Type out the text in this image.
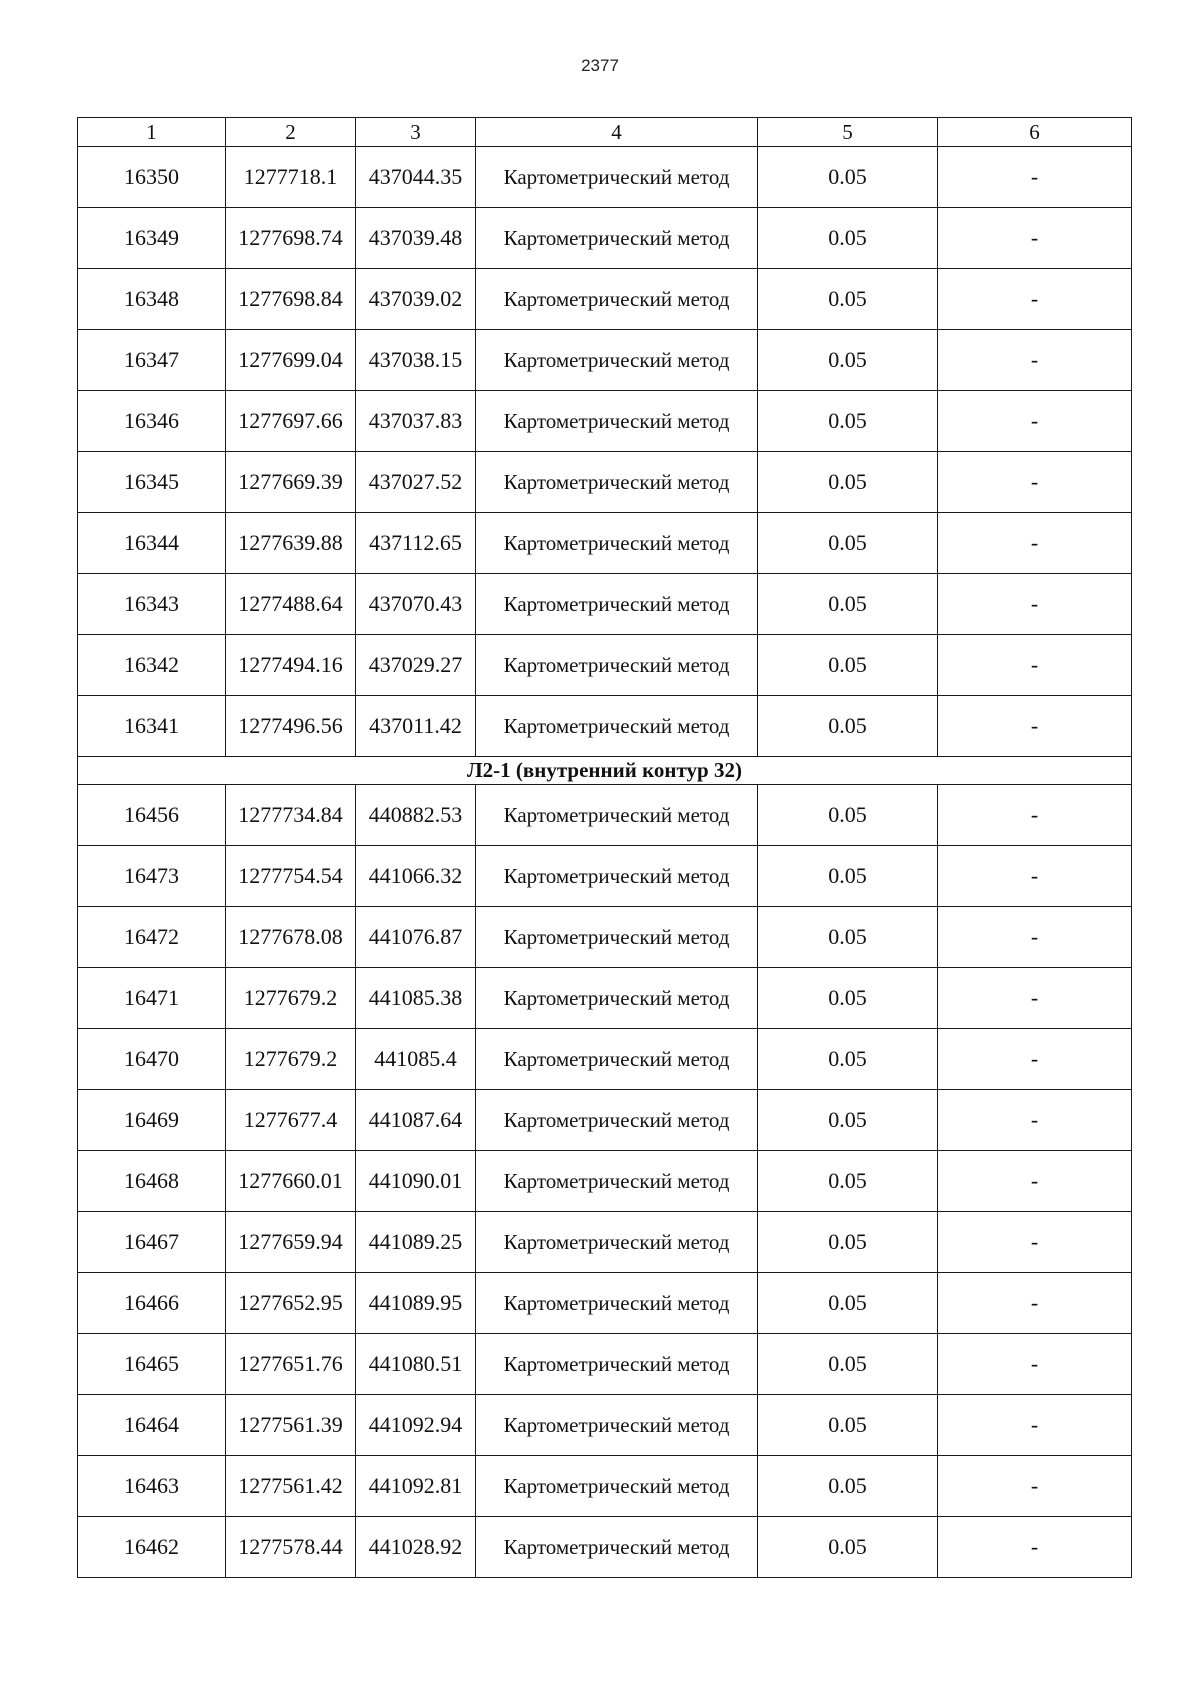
2377
1	2	3	4	5	6
16350	1277718.1	437044.35	Картометрический метод	0.05	-
16349	1277698.74	437039.48	Картометрический метод	0.05	-
16348	1277698.84	437039.02	Картометрический метод	0.05	-
16347	1277699.04	437038.15	Картометрический метод	0.05	-
16346	1277697.66	437037.83	Картометрический метод	0.05	-
16345	1277669.39	437027.52	Картометрический метод	0.05	-
16344	1277639.88	437112.65	Картометрический метод	0.05	-
16343	1277488.64	437070.43	Картометрический метод	0.05	-
16342	1277494.16	437029.27	Картометрический метод	0.05	-
16341	1277496.56	437011.42	Картометрический метод	0.05	-
Л2-1 (внутренний контур 32)					
16456	1277734.84	440882.53	Картометрический метод	0.05	-
16473	1277754.54	441066.32	Картометрический метод	0.05	-
16472	1277678.08	441076.87	Картометрический метод	0.05	-
16471	1277679.2	441085.38	Картометрический метод	0.05	-
16470	1277679.2	441085.4	Картометрический метод	0.05	-
16469	1277677.4	441087.64	Картометрический метод	0.05	-
16468	1277660.01	441090.01	Картометрический метод	0.05	-
16467	1277659.94	441089.25	Картометрический метод	0.05	-
16466	1277652.95	441089.95	Картометрический метод	0.05	-
16465	1277651.76	441080.51	Картометрический метод	0.05	-
16464	1277561.39	441092.94	Картометрический метод	0.05	-
16463	1277561.42	441092.81	Картометрический метод	0.05	-
16462	1277578.44	441028.92	Картометрический метод	0.05	-
